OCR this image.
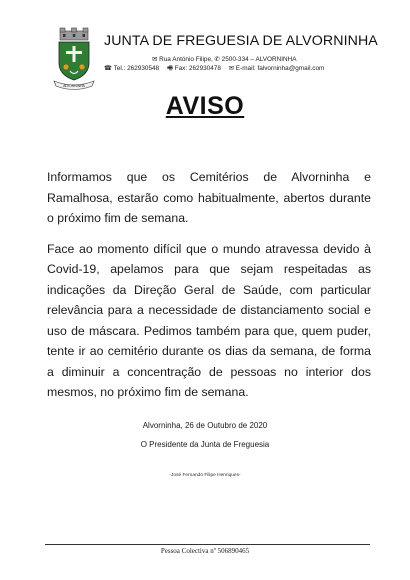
ALVORNINHA
JUNTA DE FREGUESIA DE ALVORNINHA
✉ Rua António Filipe, ✆ 2500-334 – ALVORNINHA
☎ Tel.: 262930548 🖷 Fax: 262930478 ✉ E-mail: falvorninha@gmail.com
AVISO

Informamos que os Cemitérios de Alvorninha e Ramalhosa, estarão como habitualmente, abertos durante o próximo fim de semana.

Face ao momento difícil que o mundo atravessa devido à Covid-19, apelamos para que sejam respeitadas as indicações da Direção Geral de Saúde, com particular relevância para a necessidade de distanciamento social e uso de máscara. Pedimos também para que, quem puder, tente ir ao cemitério durante os dias da semana, de forma a diminuir a concentração de pessoas no interior dos mesmos, no próximo fim de semana.

Alvorninha, 26 de Outubro de 2020
O Presidente da Junta de Freguesia
-José Fernando Filipe Henriques-
Pessoa Colectiva nº 506890465
